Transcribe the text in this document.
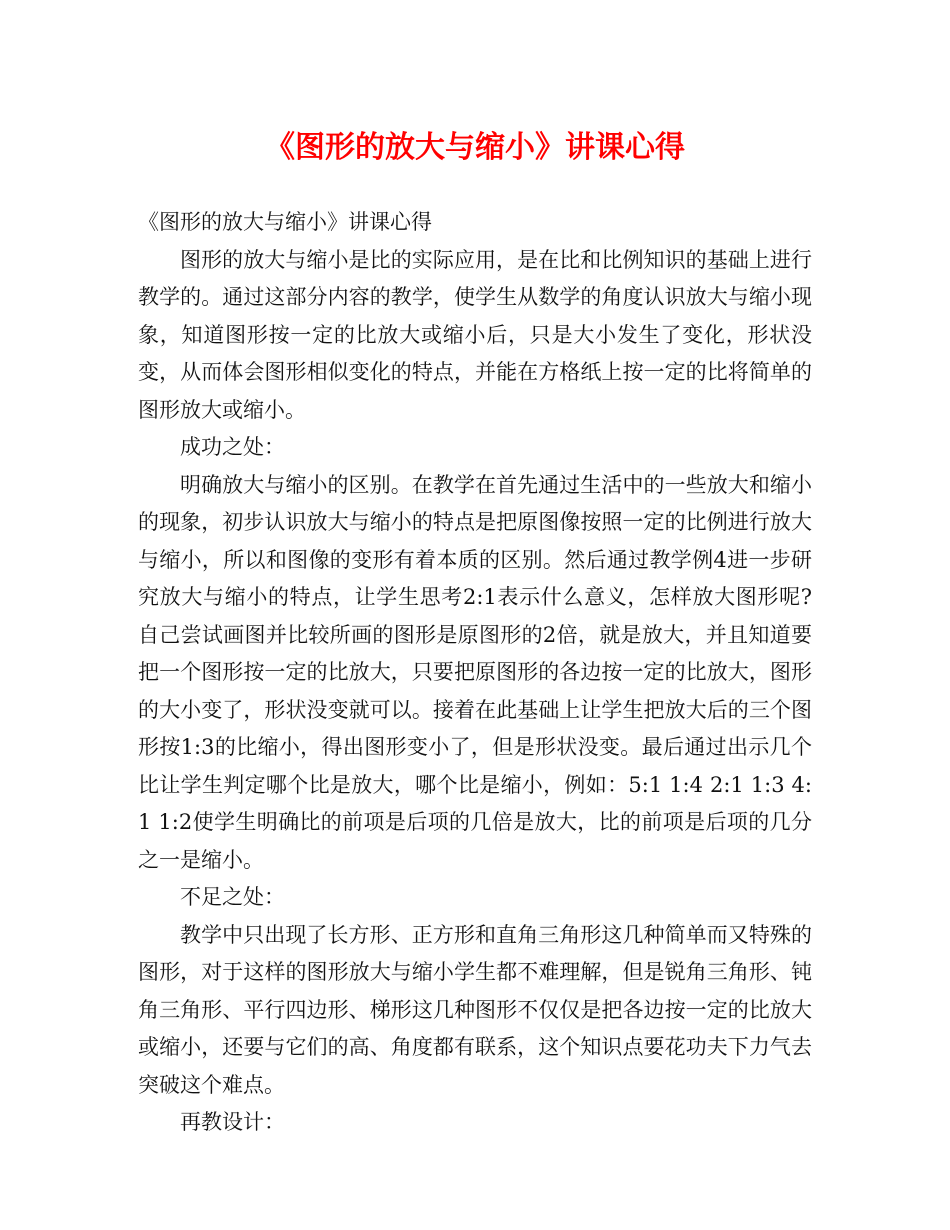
《图形的放大与缩小》讲课心得

《图形的放大与缩小》讲课心得

图形的放大与缩小是比的实际应用，是在比和比例知识的基础上进行教学的。通过这部分内容的教学，使学生从数学的角度认识放大与缩小现象，知道图形按一定的比放大或缩小后，只是大小发生了变化，形状没变，从而体会图形相似变化的特点，并能在方格纸上按一定的比将简单的图形放大或缩小。

成功之处：

明确放大与缩小的区别。在教学在首先通过生活中的一些放大和缩小的现象，初步认识放大与缩小的特点是把原图像按照一定的比例进行放大与缩小，所以和图像的变形有着本质的区别。然后通过教学例4进一步研究放大与缩小的特点，让学生思考2:1表示什么意义，怎样放大图形呢?自己尝试画图并比较所画的图形是原图形的2倍，就是放大，并且知道要把一个图形按一定的比放大，只要把原图形的各边按一定的比放大，图形的大小变了，形状没变就可以。接着在此基础上让学生把放大后的三个图形按1:3的比缩小，得出图形变小了，但是形状没变。最后通过出示几个比让学生判定哪个比是放大，哪个比是缩小，例如：5:1 1:4 2:1 1:3 4:1 1:2使学生明确比的前项是后项的几倍是放大，比的前项是后项的几分之一是缩小。

不足之处：

教学中只出现了长方形、正方形和直角三角形这几种简单而又特殊的图形，对于这样的图形放大与缩小学生都不难理解，但是锐角三角形、钝角三角形、平行四边形、梯形这几种图形不仅仅是把各边按一定的比放大或缩小，还要与它们的高、角度都有联系，这个知识点要花功夫下力气去突破这个难点。

再教设计：
